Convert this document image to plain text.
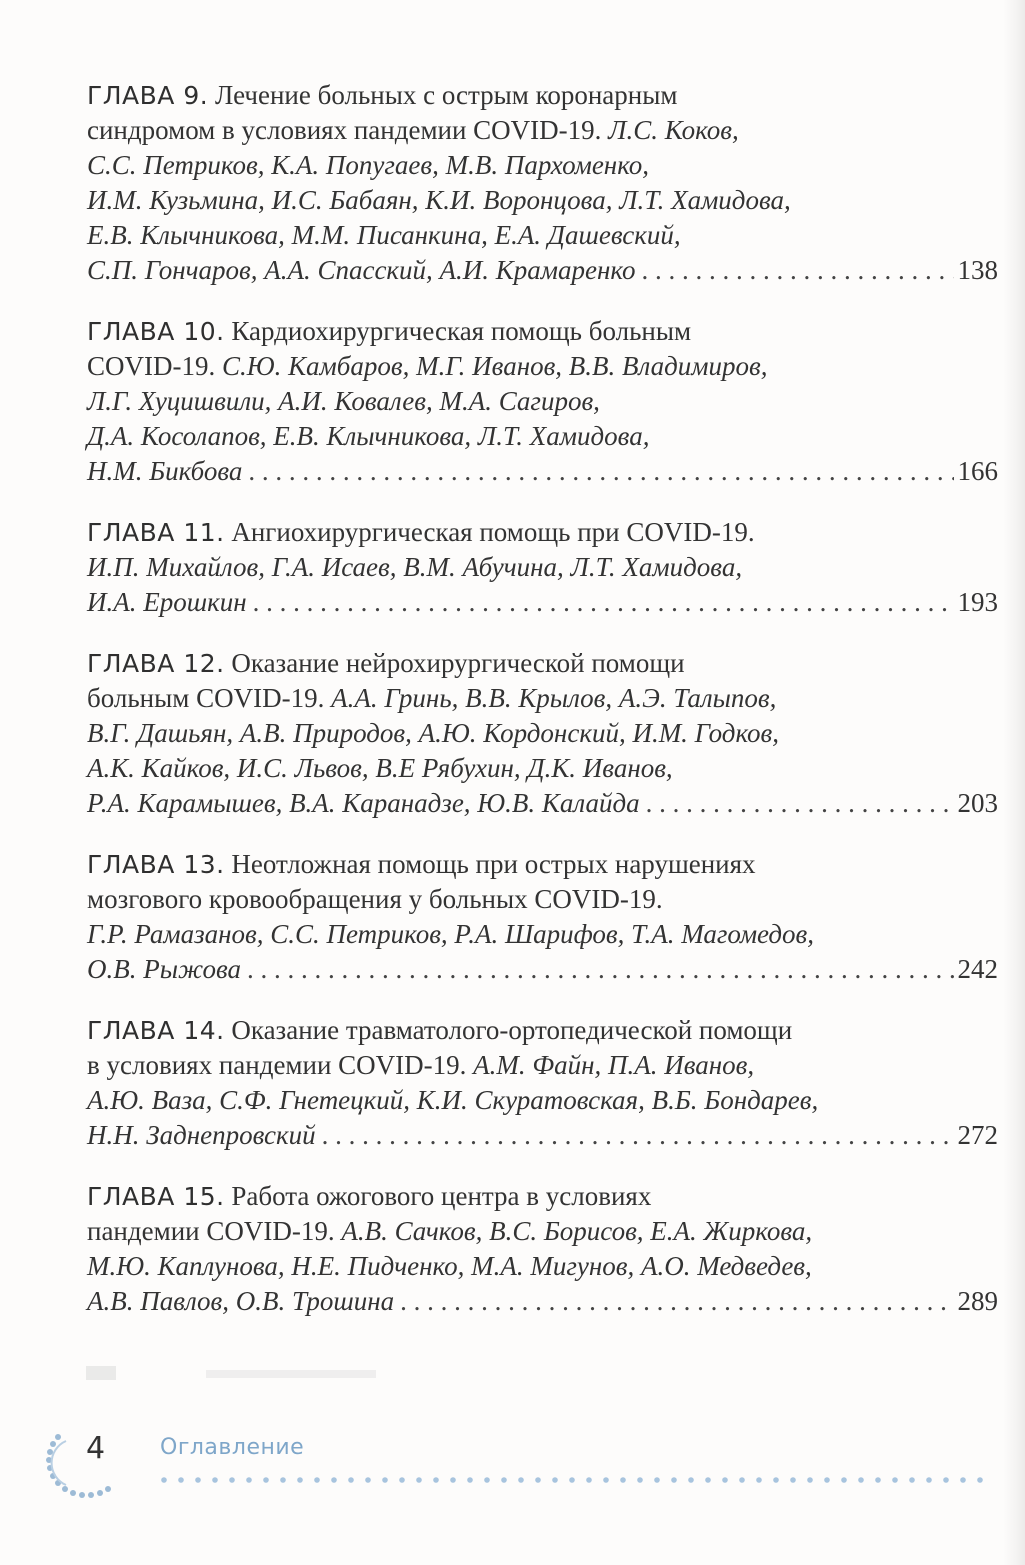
ГЛАВА 9. Лечение больных с острым коронарным
синдромом в условиях пандемии COVID-19. Л.С. Коков,
С.С. Петриков, К.А. Попугаев, М.В. Пархоменко,
И.М. Кузьмина, И.С. Бабаян, К.И. Воронцова, Л.Т. Хамидова,
Е.В. Клычникова, М.М. Писанкина, Е.А. Дашевский,
С.П. Гончаров, А.А. Спасский, А.И. Крамаренко . . .	138
ГЛАВА 10. Кардиохирургическая помощь больным
COVID-19. С.Ю. Камбаров, М.Г. Иванов, В.В. Владимиров,
Л.Г. Хуцишвили, А.И. Ковалев, М.А. Сагиров,
Д.А. Косолапов, Е.В. Клычникова, Л.Т. Хамидова,
Н.М. Бикбова . . .	166
ГЛАВА 11. Ангиохирургическая помощь при COVID-19.
И.П. Михайлов, Г.А. Исаев, В.М. Абучина, Л.Т. Хамидова,
И.А. Ерошкин . . .	193
ГЛАВА 12. Оказание нейрохирургической помощи
больным COVID-19. А.А. Гринь, В.В. Крылов, А.Э. Талыпов,
В.Г. Дашьян, А.В. Природов, А.Ю. Кордонский, И.М. Годков,
А.К. Кайков, И.С. Львов, В.Е Рябухин, Д.К. Иванов,
Р.А. Карамышев, В.А. Каранадзе, Ю.В. Калайда . . .	203
ГЛАВА 13. Неотложная помощь при острых нарушениях
мозгового кровообращения у больных COVID-19.
Г.Р. Рамазанов, С.С. Петриков, Р.А. Шарифов, Т.А. Магомедов,
О.В. Рыжова . . .	242
ГЛАВА 14. Оказание травматолого-ортопедической помощи
в условиях пандемии COVID-19. А.М. Файн, П.А. Иванов,
А.Ю. Ваза, С.Ф. Гнетецкий, К.И. Скуратовская, В.Б. Бондарев,
Н.Н. Заднепровский . . .	272
ГЛАВА 15. Работа ожогового центра в условиях
пандемии COVID-19. А.В. Сачков, В.С. Борисов, Е.А. Жиркова,
М.Ю. Каплунова, Н.Е. Пидченко, М.А. Мигунов, А.О. Медведев,
А.В. Павлов, О.В. Трошина . . .	289
4 Оглавление
